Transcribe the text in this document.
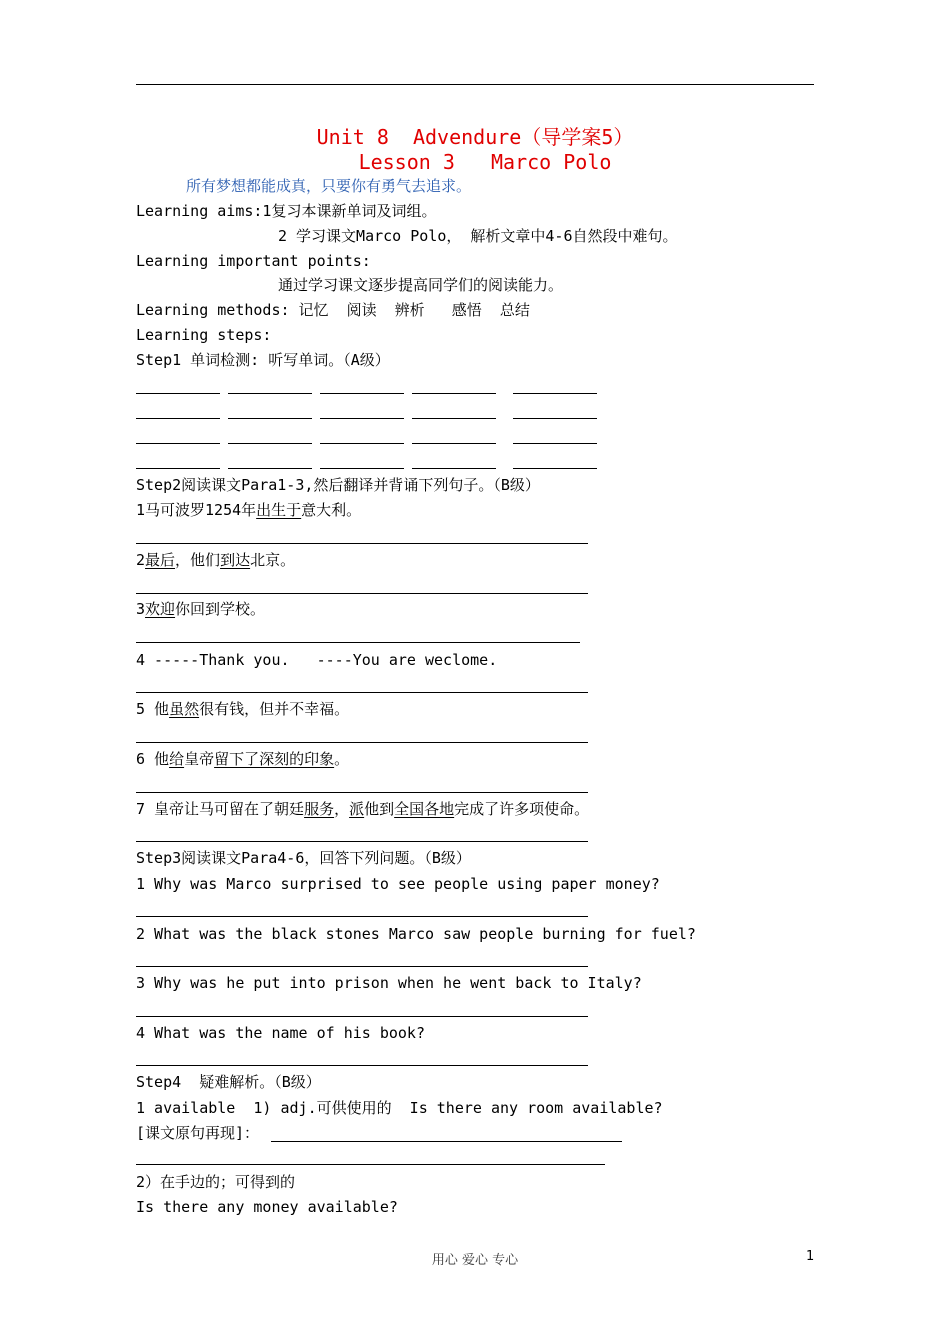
Unit 8  Advendure（导学案5）
Lesson 3   Marco Polo
所有梦想都能成真，只要你有勇气去追求。
Learning aims:1复习本课新单词及词组。
2 学习课文Marco Polo， 解析文章中4-6自然段中难句。
Learning important points:
通过学习课文逐步提高同学们的阅读能力。
Learning methods: 记忆  阅读  辨析   感悟  总结
Learning steps:
Step1 单词检测: 听写单词。（A级）
Step2阅读课文Para1-3,然后翻译并背诵下列句子。（B级）
1马可波罗1254年出生于意大利。
2最后，他们到达北京。
3欢迎你回到学校。
4 -----Thank you.   ----You are weclome.
5 他虽然很有钱，但并不幸福。
6 他给皇帝留下了深刻的印象。
7 皇帝让马可留在了朝廷服务，派他到全国各地完成了许多项使命。
Step3阅读课文Para4-6，回答下列问题。（B级）
1 Why was Marco surprised to see people using paper money?
2 What was the black stones Marco saw people burning for fuel?
3 Why was he put into prison when he went back to Italy?
4 What was the name of his book?
Step4  疑难解析。（B级）
1 available  1) adj.可供使用的  Is there any room available?
[课文原句再现]：
2）在手边的；可得到的
Is there any money available?
用心 爱心 专心	1
